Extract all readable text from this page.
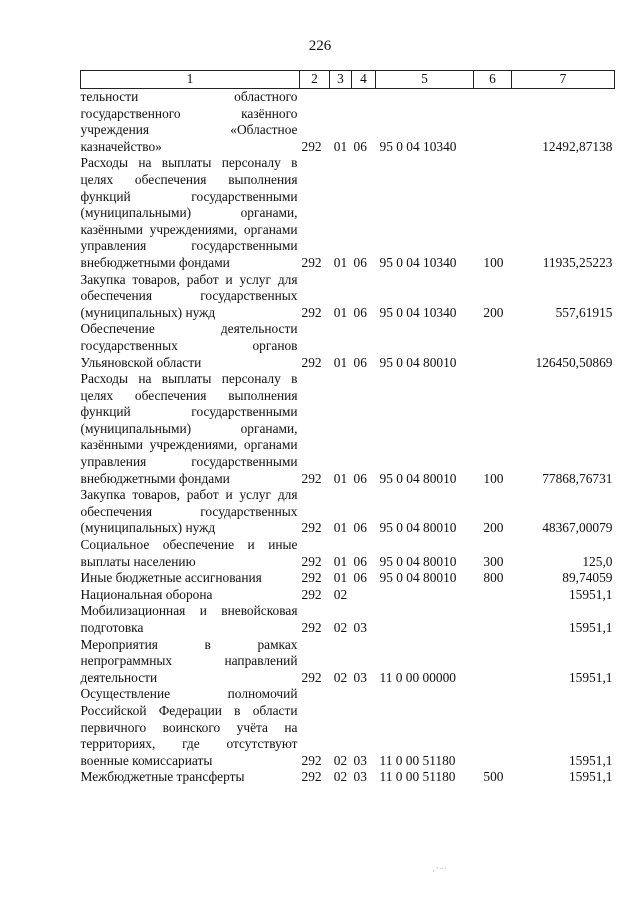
226
1	2	3	4	5	6	7

тельности областного государственного казённого учреждения «Областное казначейство»	292	01	06	95 0 04 10340		12492,87138

Расходы на выплаты персоналу в целях обеспечения выполнения функций государственными (муниципальными) органами, казёнными учреждениями, органами управления государственными внебюджетными фондами	292	01	06	95 0 04 10340	100	11935,25223

Закупка товаров, работ и услуг для обеспечения государственных (муниципальных) нужд	292	01	06	95 0 04 10340	200	557,61915

Обеспечение деятельности государственных органов Ульяновской области	292	01	06	95 0 04 80010		126450,50869

Расходы на выплаты персоналу в целях обеспечения выполнения функций государственными (муниципальными) органами, казёнными учреждениями, органами управления государственными внебюджетными фондами	292	01	06	95 0 04 80010	100	77868,76731

Закупка товаров, работ и услуг для обеспечения государственных (муниципальных) нужд	292	01	06	95 0 04 80010	200	48367,00079

Социальное обеспечение и иные выплаты населению	292	01	06	95 0 04 80010	300	125,0

Иные бюджетные ассигнования	292	01	06	95 0 04 80010	800	89,74059

Национальная оборона	292	02				15951,1

Мобилизационная и вневойсковая подготовка	292	02	03			15951,1

Мероприятия в рамках непрограммных направлений деятельности	292	02	03	11 0 00 00000		15951,1

Осуществление полномочий Российской Федерации в области первичного воинского учёта на территориях, где отсутствуют военные комиссариаты	292	02	03	11 0 00 51180		15951,1

Межбюджетные трансферты	292	02	03	11 0 00 51180	500	15951,1
·˙¨˙
